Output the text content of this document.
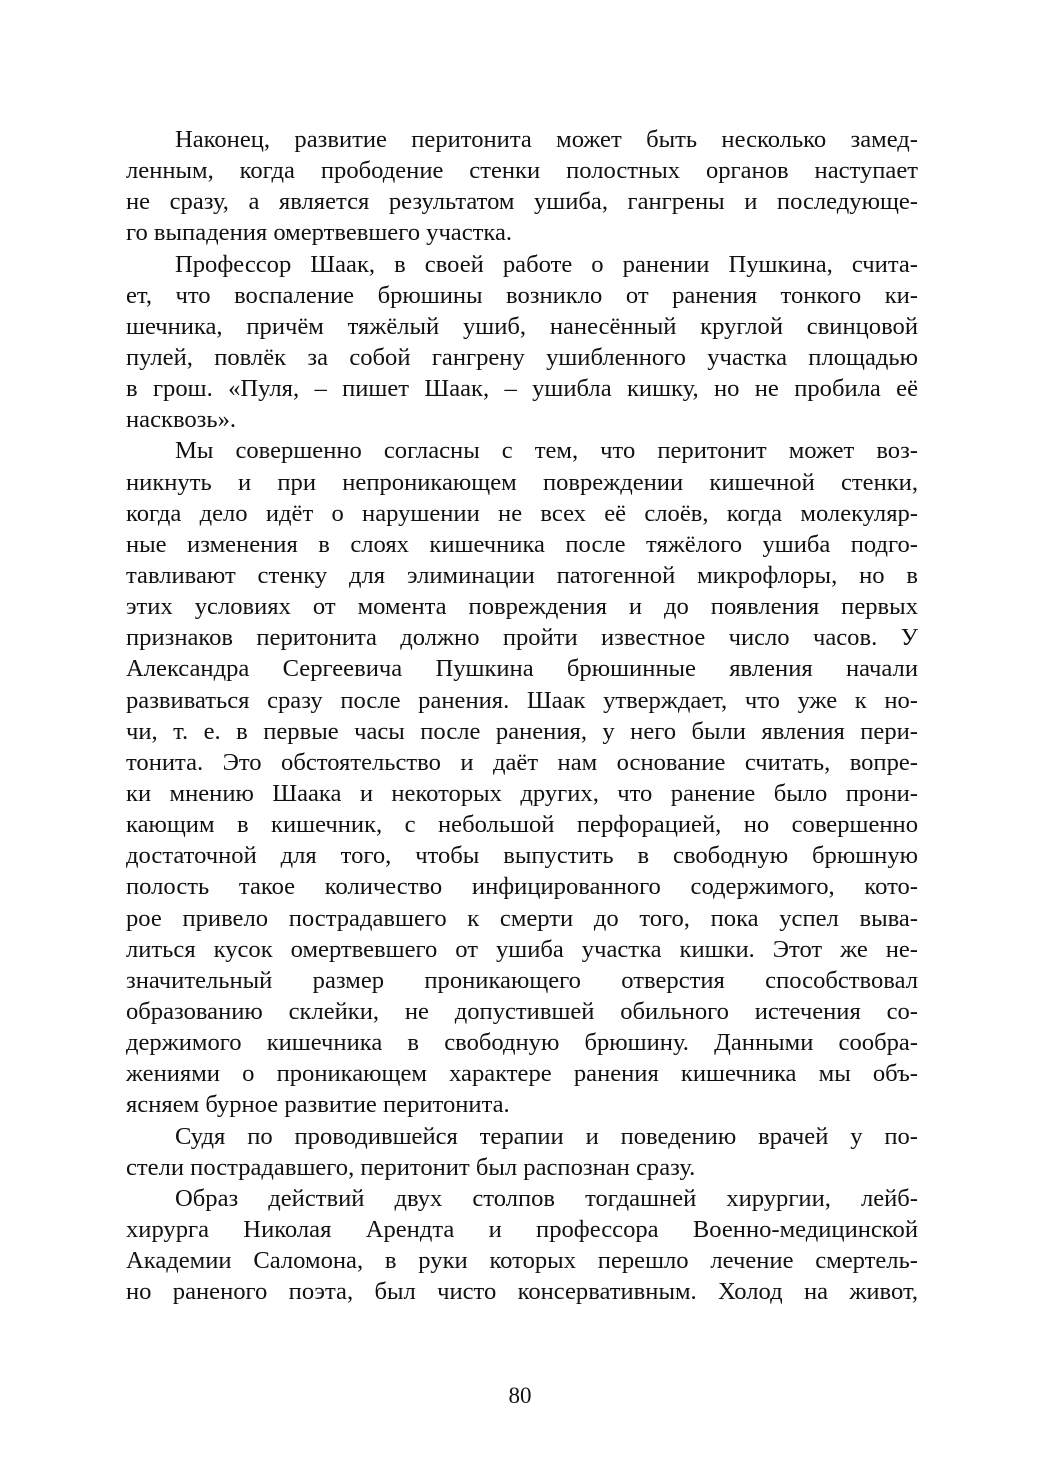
Наконец, развитие перитонита может быть несколько замед-
ленным, когда прободение стенки полостных органов наступает
не сразу, а является результатом ушиба, гангрены и последующе-
го выпадения омертвевшего участка.
Профессор Шаак, в своей работе о ранении Пушкина, счита-
ет, что воспаление брюшины возникло от ранения тонкого ки-
шечника, причём тяжёлый ушиб, нанесённый круглой свинцовой
пулей, повлёк за собой гангрену ушибленного участка площадью
в грош. «Пуля, – пишет Шаак, – ушибла кишку, но не пробила её
насквозь».
Мы совершенно согласны с тем, что перитонит может воз-
никнуть и при непроникающем повреждении кишечной стенки,
когда дело идёт о нарушении не всех её слоёв, когда молекуляр-
ные изменения в слоях кишечника после тяжёлого ушиба подго-
тавливают стенку для элиминации патогенной микрофлоры, но в
этих условиях от момента повреждения и до появления первых
признаков перитонита должно пройти известное число часов. У
Александра Сергеевича Пушкина брюшинные явления начали
развиваться сразу после ранения. Шаак утверждает, что уже к но-
чи, т. е. в первые часы после ранения, у него были явления пери-
тонита. Это обстоятельство и даёт нам основание считать, вопре-
ки мнению Шаака и некоторых других, что ранение было прони-
кающим в кишечник, с небольшой перфорацией, но совершенно
достаточной для того, чтобы выпустить в свободную брюшную
полость такое количество инфицированного содержимого, кото-
рое привело пострадавшего к смерти до того, пока успел выва-
литься кусок омертвевшего от ушиба участка кишки. Этот же не-
значительный размер проникающего отверстия способствовал
образованию склейки, не допустившей обильного истечения со-
держимого кишечника в свободную брюшину. Данными сообра-
жениями о проникающем характере ранения кишечника мы объ-
ясняем бурное развитие перитонита.
Судя по проводившейся терапии и поведению врачей у по-
стели пострадавшего, перитонит был распознан сразу.
Образ действий двух столпов тогдашней хирургии, лейб-
хирурга Николая Арендта и профессора Военно-медицинской
Академии Саломона, в руки которых перешло лечение смертель-
но раненого поэта, был чисто консервативным. Холод на живот,
80
